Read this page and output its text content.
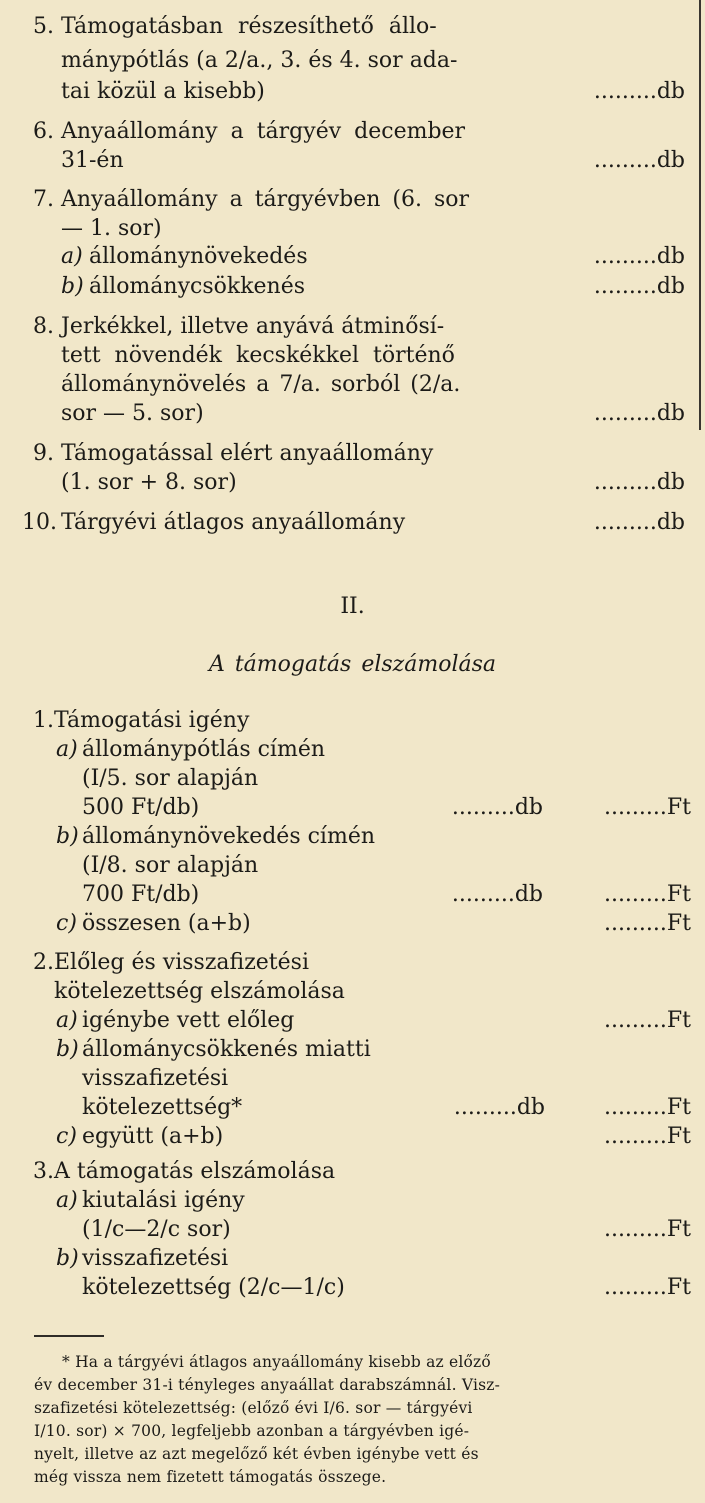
5. Támogatásban részesíthető állo-
mánypótlás (a 2/a., 3. és 4. sor ada-
tai közül a kisebb)	.........db
6. Anyaállomány a tárgyév december
31-én	.........db
7. Anyaállomány a tárgyévben (6. sor
— 1. sor)
a) állománynövekedés	.........db
b) állománycsökkenés	.........db
8. Jerkékkel, illetve anyává átminősí-
tett növendék kecskékkel történő
állománynövelés a 7/a. sorból (2/a.
sor — 5. sor)	.........db
9. Támogatással elért anyaállomány
(1. sor + 8. sor)	.........db
10. Tárgyévi átlagos anyaállomány	.........db
II.
A támogatás elszámolása
1. Támogatási igény
a) állománypótlás címén
(I/5. sor alapján
500 Ft/db)	.........db	.........Ft
b) állománynövekedés címén
(I/8. sor alapján
700 Ft/db)	.........db	.........Ft
c) összesen (a+b)	.........Ft
2. Előleg és visszafizetési
kötelezettség elszámolása
a) igénybe vett előleg	.........Ft
b) állománycsökkenés miatti
visszafizetési
kötelezettség*	.........db	.........Ft
c) együtt (a+b)	.........Ft
3. A támogatás elszámolása
a) kiutalási igény
(1/c—2/c sor)	.........Ft
b) visszafizetési
kötelezettség (2/c—1/c)	.........Ft
* Ha a tárgyévi átlagos anyaállomány kisebb az előző
év december 31-i tényleges anyaállat darabszámnál. Visz-
szafizetési kötelezettség: (előző évi I/6. sor — tárgyévi
I/10. sor) × 700, legfeljebb azonban a tárgyévben igé-
nyelt, illetve az azt megelőző két évben igénybe vett és
még vissza nem fizetett támogatás összege.
